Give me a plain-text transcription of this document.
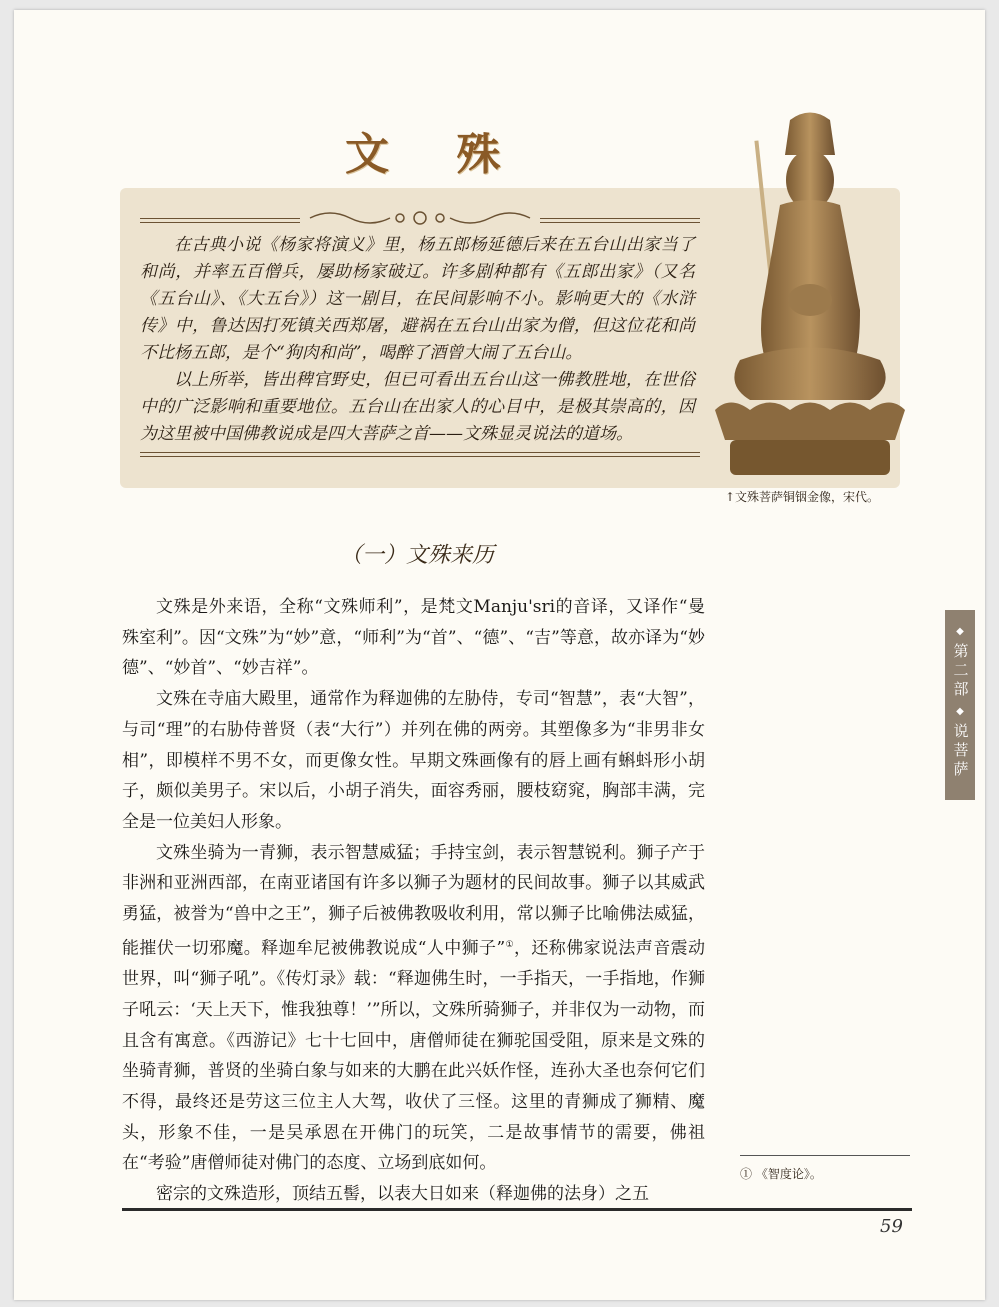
文 殊

在古典小说《杨家将演义》里，杨五郎杨延德后来在五台山出家当了和尚，并率五百僧兵，屡助杨家破辽。许多剧种都有《五郎出家》（又名《五台山》、《大五台》）这一剧目，在民间影响不小。影响更大的《水浒传》中，鲁达因打死镇关西郑屠，避祸在五台山出家为僧，但这位花和尚不比杨五郎，是个“狗肉和尚”，喝醉了酒曾大闹了五台山。

以上所举，皆出稗官野史，但已可看出五台山这一佛教胜地，在世俗中的广泛影响和重要地位。五台山在出家人的心目中，是极其崇高的，因为这里被中国佛教说成是四大菩萨之首——文殊显灵说法的道场。

↑文殊菩萨铜铟金像，宋代。
（一）文殊来历

文殊是外来语，全称“文殊师利”，是梵文Manju'sri的音译，又译作“曼殊室利”。因“文殊”为“妙”意，“师利”为“首”、“德”、“吉”等意，故亦译为“妙德”、“妙首”、“妙吉祥”。

文殊在寺庙大殿里，通常作为释迦佛的左胁侍，专司“智慧”，表“大智”，与司“理”的右胁侍普贤（表“大行”）并列在佛的两旁。其塑像多为“非男非女相”，即模样不男不女，而更像女性。早期文殊画像有的唇上画有蝌蚪形小胡子，颇似美男子。宋以后，小胡子消失，面容秀丽，腰枝窈窕，胸部丰满，完全是一位美妇人形象。

文殊坐骑为一青狮，表示智慧威猛；手持宝剑，表示智慧锐利。狮子产于非洲和亚洲西部，在南亚诸国有许多以狮子为题材的民间故事。狮子以其威武勇猛，被誉为“兽中之王”，狮子后被佛教吸收利用，常以狮子比喻佛法威猛，能摧伏一切邪魔。释迦牟尼被佛教说成“人中狮子”①，还称佛家说法声音震动世界，叫“狮子吼”。《传灯录》载：“释迦佛生时，一手指天，一手指地，作狮子吼云：‘天上天下，惟我独尊！’”所以，文殊所骑狮子，并非仅为一动物，而且含有寓意。《西游记》七十七回中，唐僧师徒在狮驼国受阻，原来是文殊的坐骑青狮，普贤的坐骑白象与如来的大鹏在此兴妖作怪，连孙大圣也奈何它们不得，最终还是劳这三位主人大驾，收伏了三怪。这里的青狮成了狮精、魔头，形象不佳，一是吴承恩在开佛门的玩笑，二是故事情节的需要，佛祖在“考验”唐僧师徒对佛门的态度、立场到底如何。

密宗的文殊造形，顶结五髻，以表大日如来（释迦佛的法身）之五

◆
第二部
◆
说菩萨
① 《智度论》。
59
